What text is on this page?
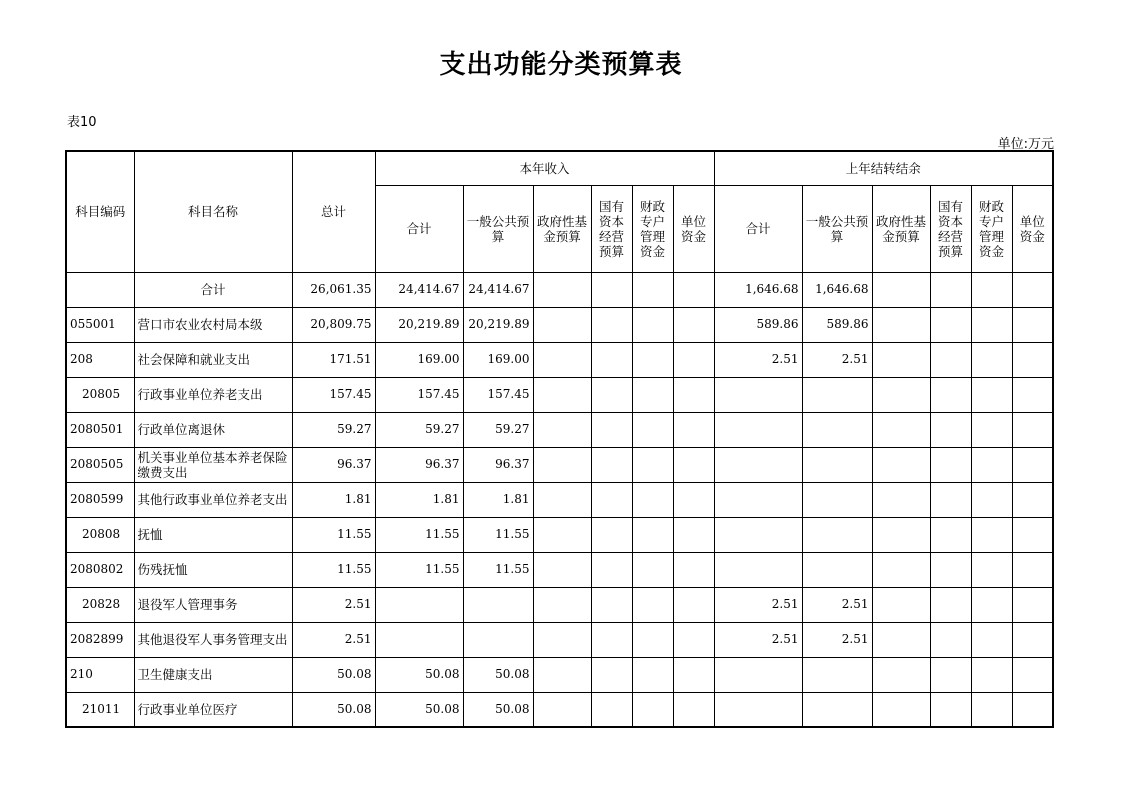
支出功能分类预算表
表10
单位:万元
科目编码	科目名称	总计	本年收入						上年结转结余					
			合计	一般公共预算	政府性基金预算	国有资本经营预算	财政专户管理资金	单位资金	合计	一般公共预算	政府性基金预算	国有资本经营预算	财政专户管理资金	单位资金
	合计	26,061.35	24,414.67	24,414.67					1,646.68	1,646.68				
055001	营口市农业农村局本级	20,809.75	20,219.89	20,219.89					589.86	589.86				
208	社会保障和就业支出	171.51	169.00	169.00					2.51	2.51				
20805	行政事业单位养老支出	157.45	157.45	157.45										
2080501	行政单位离退休	59.27	59.27	59.27										
2080505	机关事业单位基本养老保险缴费支出	96.37	96.37	96.37										
2080599	其他行政事业单位养老支出	1.81	1.81	1.81										
20808	抚恤	11.55	11.55	11.55										
2080802	伤残抚恤	11.55	11.55	11.55										
20828	退役军人管理事务	2.51							2.51	2.51				
2082899	其他退役军人事务管理支出	2.51							2.51	2.51				
210	卫生健康支出	50.08	50.08	50.08										
21011	行政事业单位医疗	50.08	50.08	50.08										
